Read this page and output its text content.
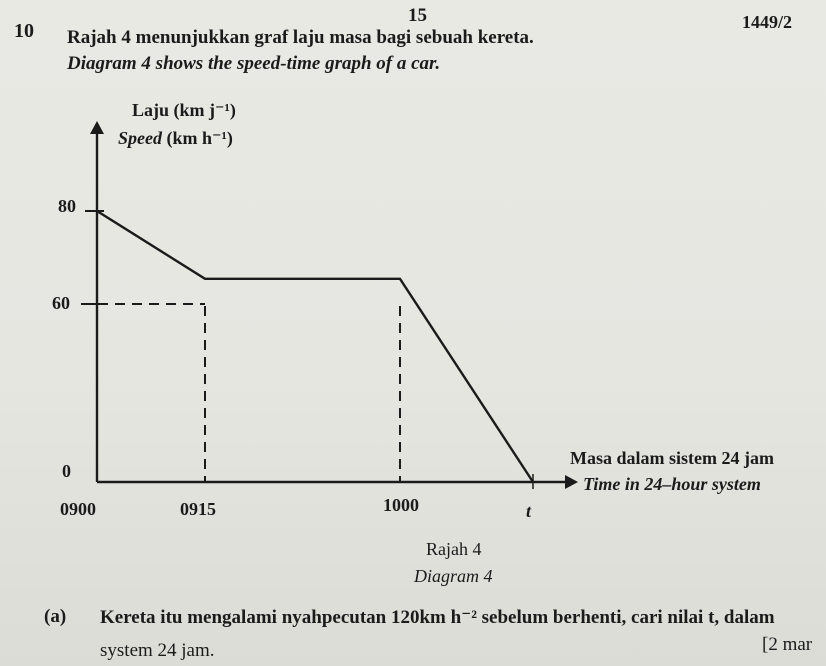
15	1449/2
10 Rajah 4 menunjukkan graf laju masa bagi sebuah kereta.
Diagram 4 shows the speed-time graph of a car.
Laju (km j⁻¹)
Speed (km h⁻¹)
Masa dalam sistem 24 jam
Time in 24–hour system
80
60
0
0900	0915	1000	t
Rajah 4
Diagram 4
(a) Kereta itu mengalami nyahpecutan 120km h⁻² sebelum berhenti, cari nilai t, dalam
system 24 jam.	[2 mar
